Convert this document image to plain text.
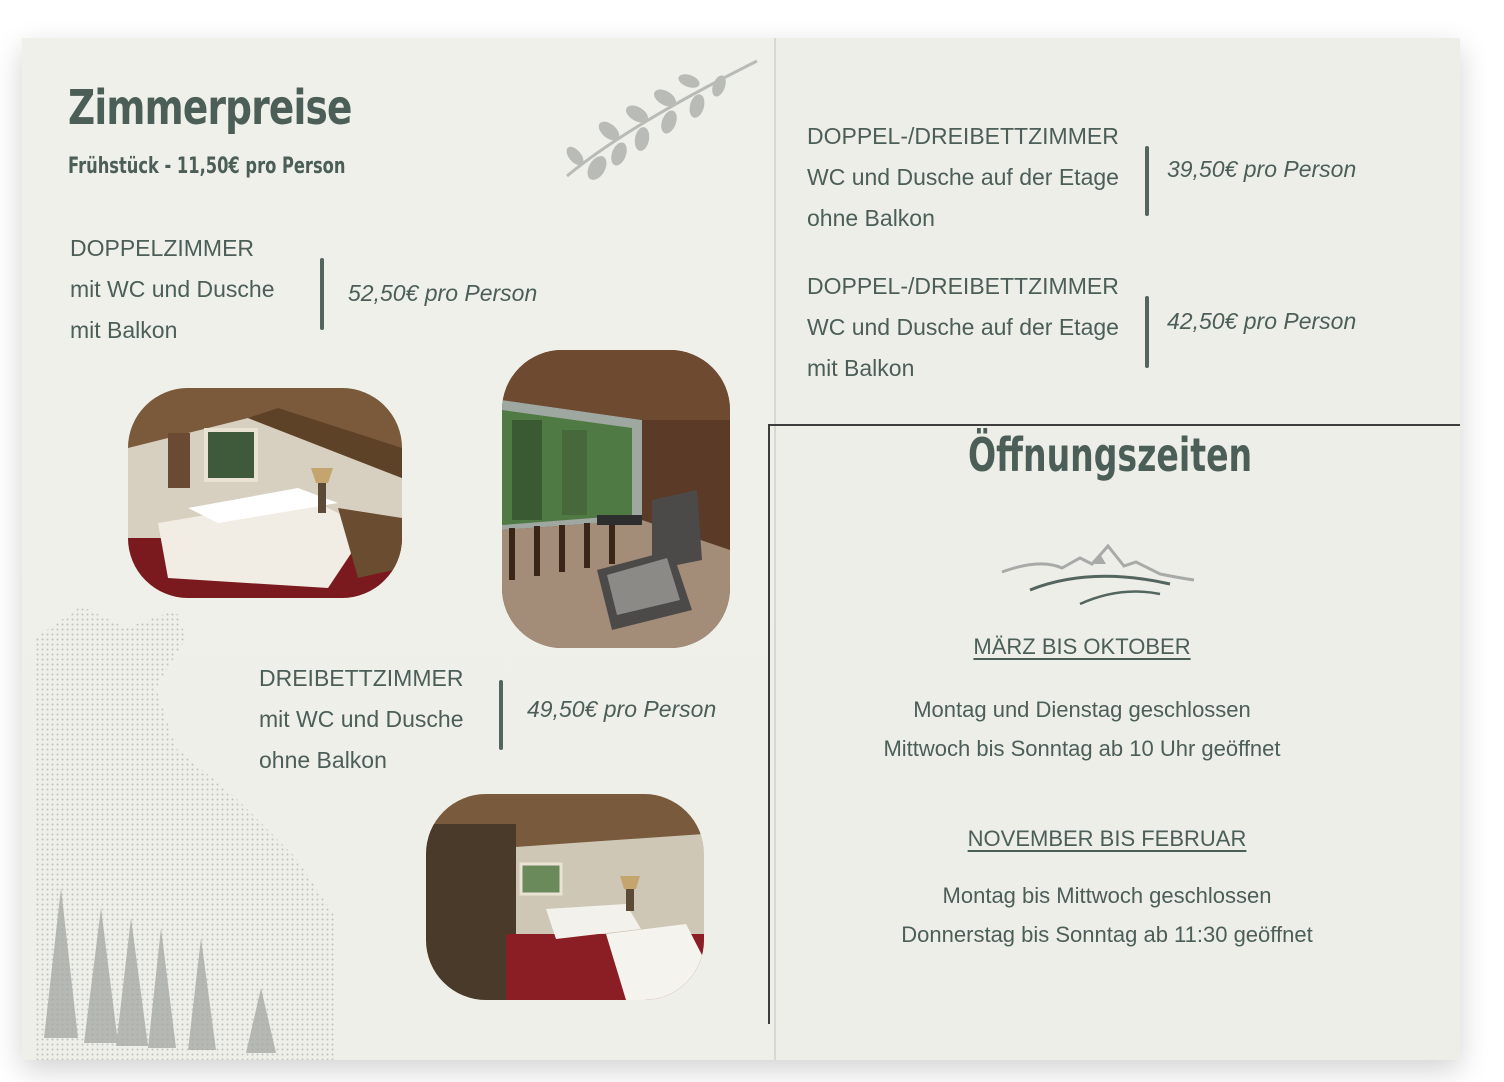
Zimmerpreise
Frühstück - 11,50€ pro Person
DOPPELZIMMER
mit WC und Dusche
mit Balkon
52,50€ pro Person
DREIBETTZIMMER
mit WC und Dusche
ohne Balkon
49,50€ pro Person
DOPPEL-/DREIBETTZIMMER
WC und Dusche auf der Etage
ohne Balkon
39,50€ pro Person
DOPPEL-/DREIBETTZIMMER
WC und Dusche auf der Etage
mit Balkon
42,50€ pro Person
Öffnungszeiten
MÄRZ BIS OKTOBER
Montag und Dienstag geschlossen
Mittwoch bis Sonntag ab 10 Uhr geöffnet
NOVEMBER BIS FEBRUAR
Montag bis Mittwoch geschlossen
Donnerstag bis Sonntag ab 11:30 geöffnet
